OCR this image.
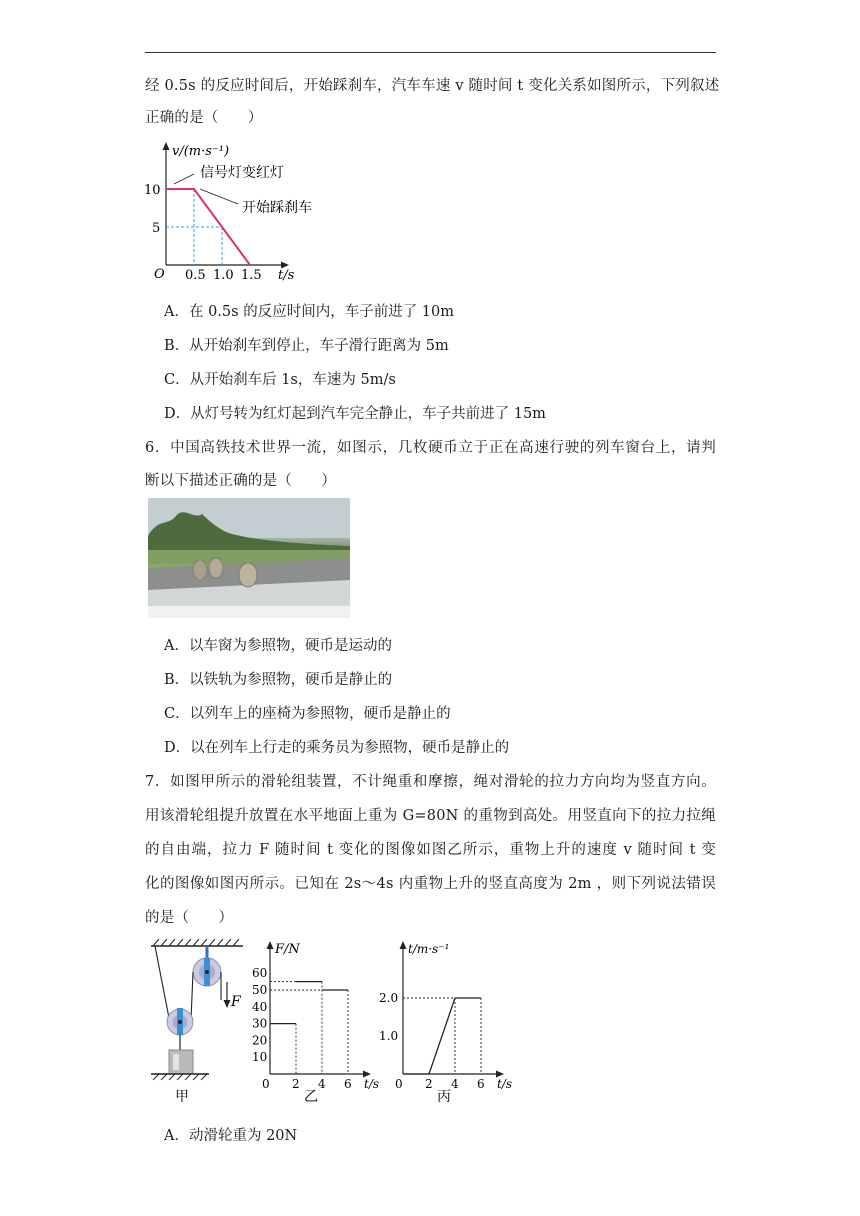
经 0.5s 的反应时间后，开始踩刹车，汽车车速 v 随时间 t 变化关系如图所示，下列叙述
正确的是（　　）
v/(m·s⁻¹)
t/s
O
信号灯变红灯
开始踩刹车
0.5 1.0 1.5
5
10
A．在 0.5s 的反应时间内，车子前进了 10m
B．从开始刹车到停止，车子滑行距离为 5m
C．从开始刹车后 1s，车速为 5m/s
D．从灯号转为红灯起到汽车完全静止，车子共前进了 15m
6．中国高铁技术世界一流，如图示，几枚硬币立于正在高速行驶的列车窗台上，请判
断以下描述正确的是（　　）
A．以车窗为参照物，硬币是运动的
B．以铁轨为参照物，硬币是静止的
C．以列车上的座椅为参照物，硬币是静止的
D．以在列车上行走的乘务员为参照物，硬币是静止的
7．如图甲所示的滑轮组装置，不计绳重和摩擦，绳对滑轮的拉力方向均为竖直方向。
用该滑轮组提升放置在水平地面上重为 G=80N 的重物到高处。用竖直向下的拉力拉绳
的自由端，拉力 F 随时间 t 变化的图像如图乙所示，重物上升的速度 v 随时间 t 变
化的图像如图丙所示。已知在 2s～4s 内重物上升的竖直高度为 2m ，则下列说法错误
的是（　　）
F
甲
10
20
30
40
50
60
0 2 4 6
F/N
t/s
乙
1.0
2.0
0 2 4 6
t/m·s⁻¹
t/s
丙
A．动滑轮重为 20N
